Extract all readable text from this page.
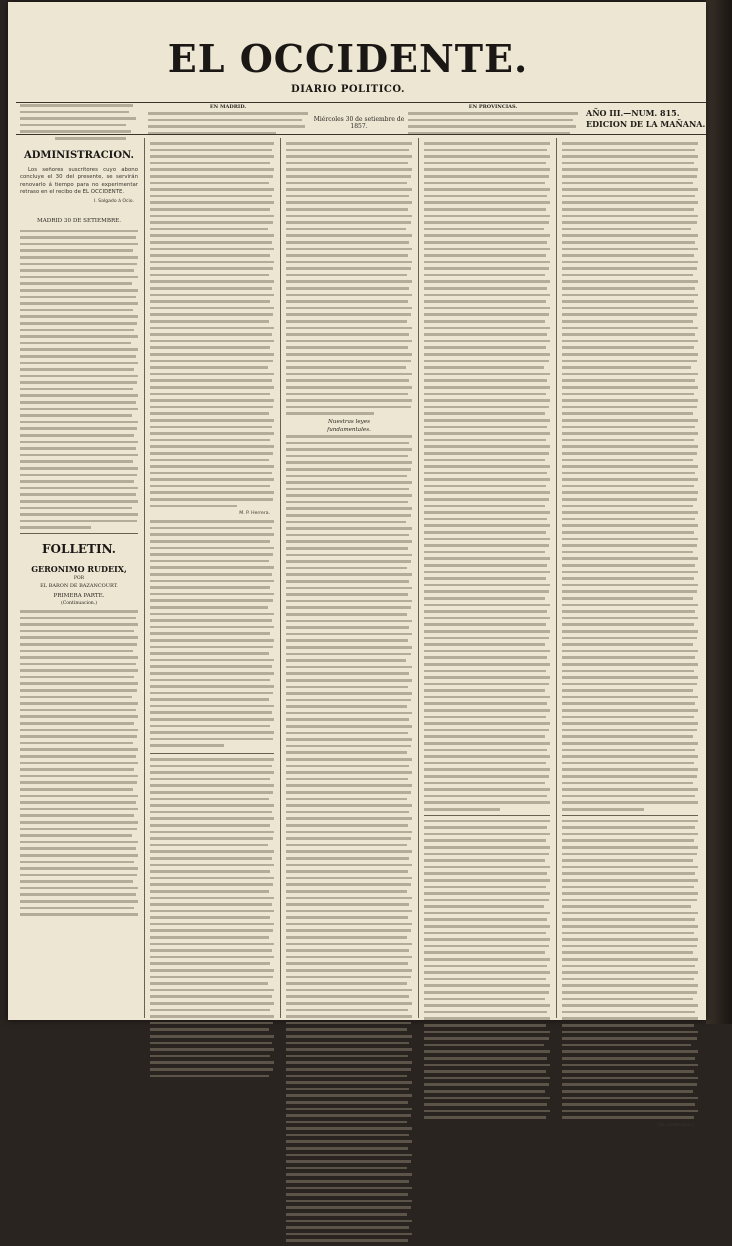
EL OCCIDENTE.
DIARIO POLITICO.
EN MADRID.
Miércoles 30 de setiembre de 1857.
EN PROVINCIAS.
AÑO III.—NUM. 815.
EDICION DE LA MAÑANA.
ADMINISTRACION.

Los señores suscritores cuyo abono concluye el 30 del presente, se servirán renovarlo á tiempo para no experimentar retraso en el recibo de EL OCCIDENTE.

I. Salgado á Ocio.
MADRID 30 DE SETIEMBRE.
FOLLETIN.
GERONIMO RUDEIX,
POR
EL BARON DE BAZANCOURT.
PRIMERA PARTE.
(Continuacion.)
M. P. Herrera.
Nuestras leyes
fundamentales.
(Se continuará.)
